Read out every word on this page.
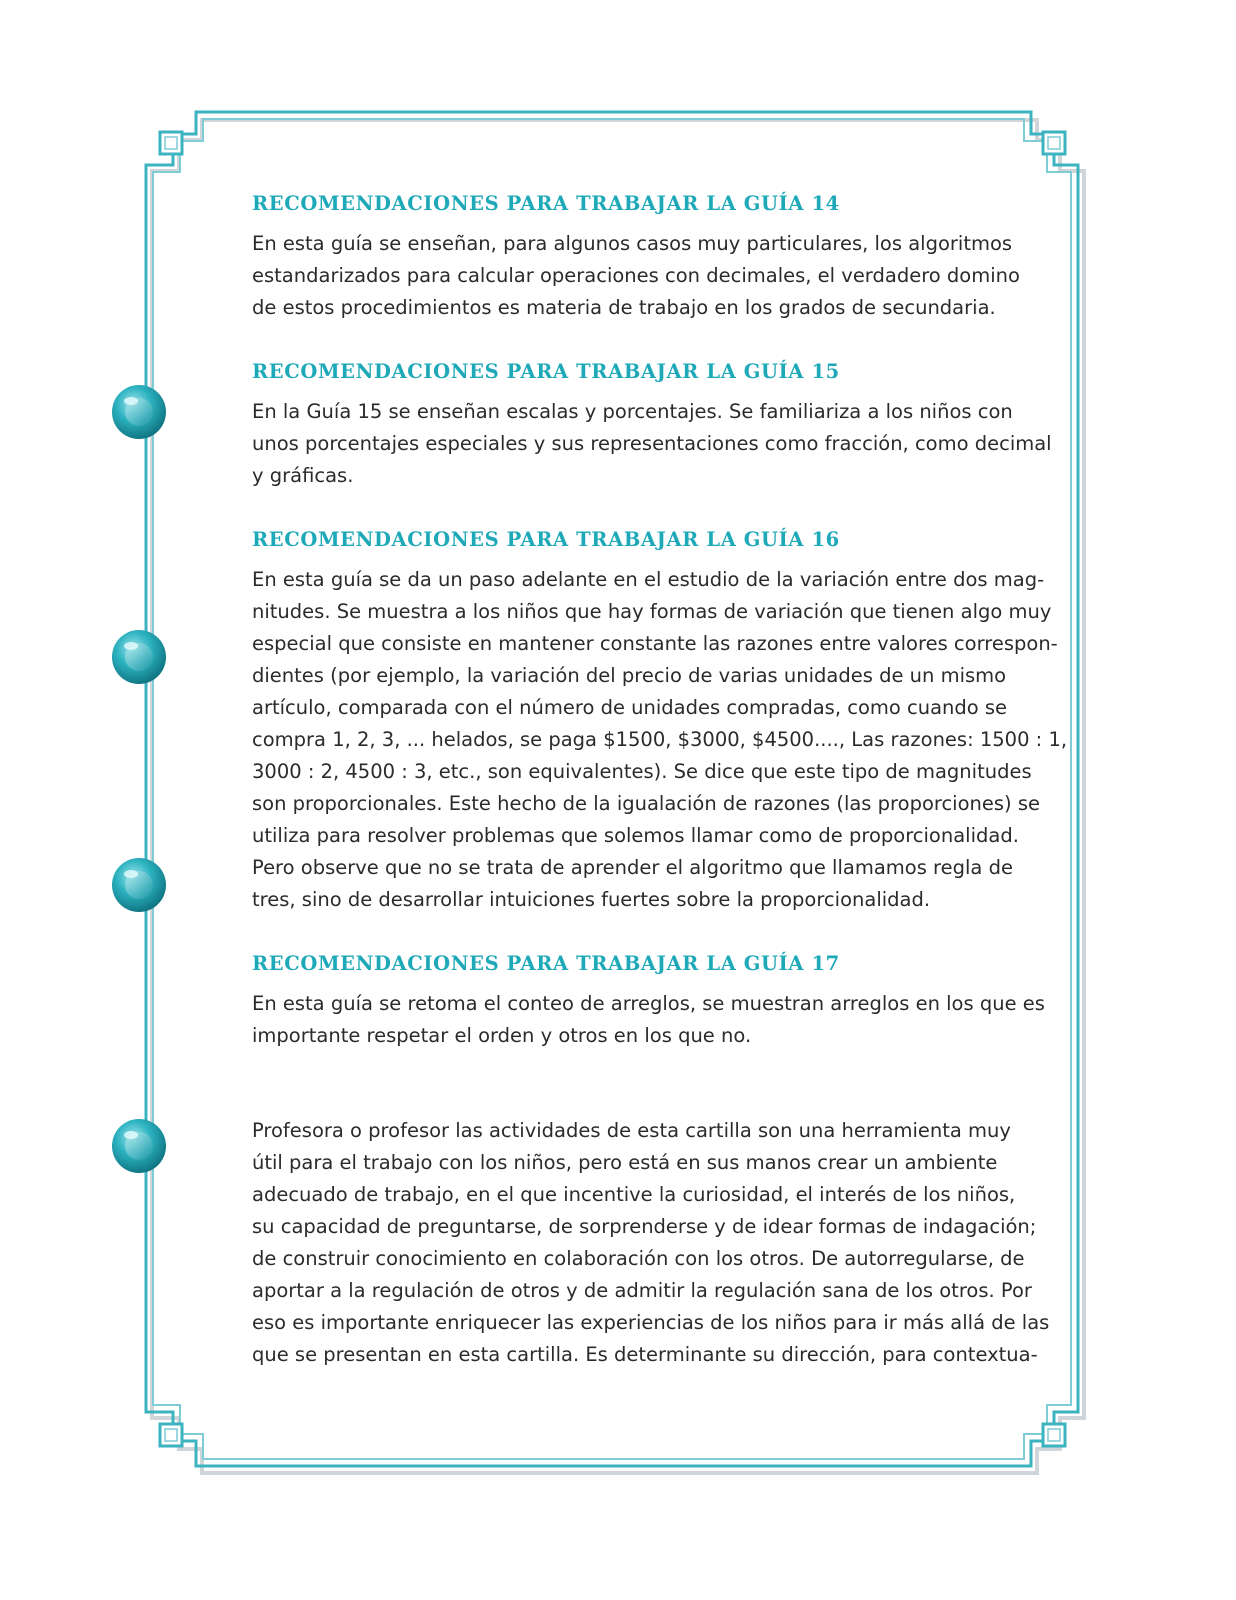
RECOMENDACIONES PARA TRABAJAR LA GUÍA 14
En esta guía se enseñan, para algunos casos muy particulares, los algoritmos
estandarizados para calcular operaciones con decimales, el verdadero domino
de estos procedimientos es materia de trabajo en los grados de secundaria.
RECOMENDACIONES PARA TRABAJAR LA GUÍA 15
En la Guía 15 se enseñan escalas y porcentajes. Se familiariza a los niños con
unos porcentajes especiales y sus representaciones como fracción, como decimal
y gráficas.
RECOMENDACIONES PARA TRABAJAR LA GUÍA 16
En esta guía se da un paso adelante en el estudio de la variación entre dos mag-
nitudes. Se muestra a los niños que hay formas de variación que tienen algo muy
especial que consiste en mantener constante las razones entre valores correspon-
dientes (por ejemplo, la variación del precio de varias unidades de un mismo
artículo, comparada con el número de unidades compradas, como cuando se
compra 1, 2, 3, ... helados, se paga $1500, $3000, $4500...., Las razones: 1500 : 1,
3000 : 2, 4500 : 3, etc., son equivalentes). Se dice que este tipo de magnitudes
son proporcionales. Este hecho de la igualación de razones (las proporciones) se
utiliza para resolver problemas que solemos llamar como de proporcionalidad.
Pero observe que no se trata de aprender el algoritmo que llamamos regla de
tres, sino de desarrollar intuiciones fuertes sobre la proporcionalidad.
RECOMENDACIONES PARA TRABAJAR LA GUÍA 17
En esta guía se retoma el conteo de arreglos, se muestran arreglos en los que es
importante respetar el orden y otros en los que no.
Profesora o profesor las actividades de esta cartilla son una herramienta muy
útil para el trabajo con los niños, pero está en sus manos crear un ambiente
adecuado de trabajo, en el que incentive la curiosidad, el interés de los niños,
su capacidad de preguntarse, de sorprenderse y de idear formas de indagación;
de construir conocimiento en colaboración con los otros. De autorregularse, de
aportar a la regulación de otros y de admitir la regulación sana de los otros. Por
eso es importante enriquecer las experiencias de los niños para ir más allá de las
que se presentan en esta cartilla. Es determinante su dirección, para contextua-
